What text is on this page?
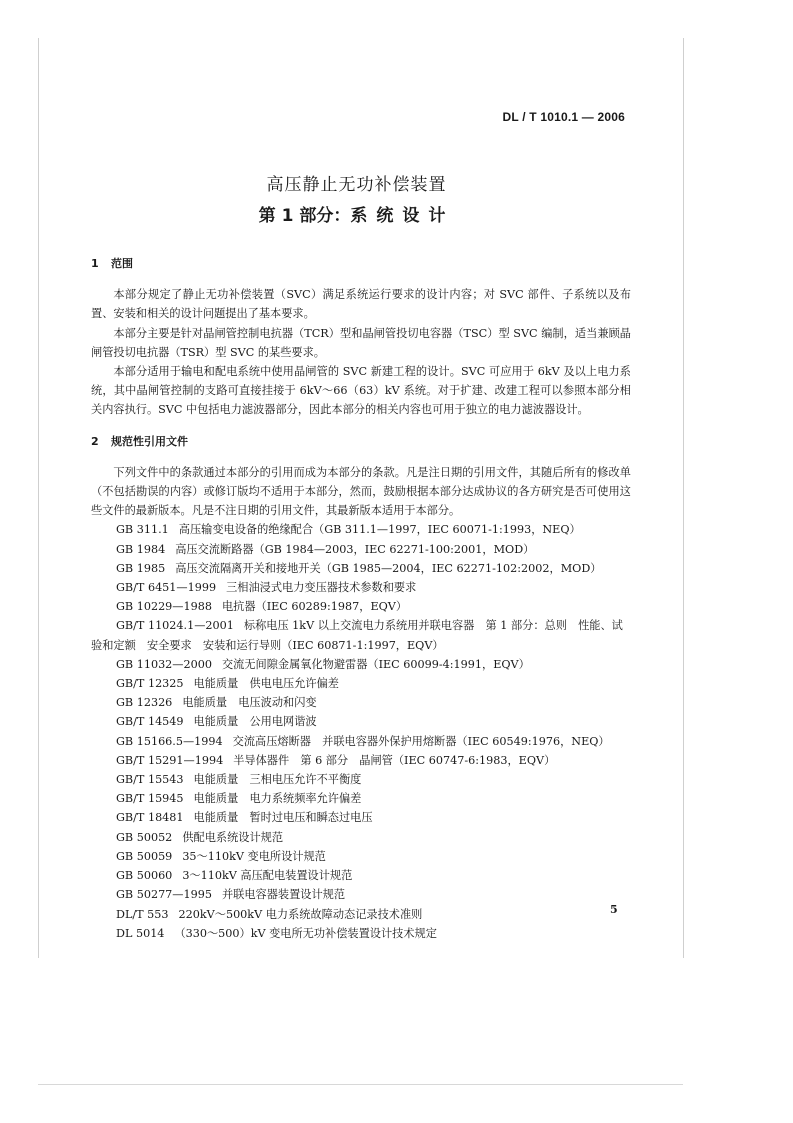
DL / T 1010.1 — 2006
高压静止无功补偿装置
第 1 部分：系统设计
1 范围

本部分规定了静止无功补偿装置（SVC）满足系统运行要求的设计内容；对 SVC 部件、子系统以及布置、安装和相关的设计问题提出了基本要求。

本部分主要是针对晶闸管控制电抗器（TCR）型和晶闸管投切电容器（TSC）型 SVC 编制，适当兼顾晶闸管投切电抗器（TSR）型 SVC 的某些要求。

本部分适用于输电和配电系统中使用晶闸管的 SVC 新建工程的设计。SVC 可应用于 6kV 及以上电力系统，其中晶闸管控制的支路可直接挂接于 6kV～66（63）kV 系统。对于扩建、改建工程可以参照本部分相关内容执行。SVC 中包括电力滤波器部分，因此本部分的相关内容也可用于独立的电力滤波器设计。

2 规范性引用文件

下列文件中的条款通过本部分的引用而成为本部分的条款。凡是注日期的引用文件，其随后所有的修改单（不包括勘误的内容）或修订版均不适用于本部分，然而，鼓励根据本部分达成协议的各方研究是否可使用这些文件的最新版本。凡是不注日期的引用文件，其最新版本适用于本部分。

GB 311.1 高压输变电设备的绝缘配合（GB 311.1—1997，IEC 60071-1:1993，NEQ）

GB 1984 高压交流断路器（GB 1984—2003，IEC 62271-100:2001，MOD）

GB 1985 高压交流隔离开关和接地开关（GB 1985—2004，IEC 62271-102:2002，MOD）

GB/T 6451—1999 三相油浸式电力变压器技术参数和要求

GB 10229—1988 电抗器（IEC 60289:1987，EQV）

GB/T 11024.1—2001 标称电压 1kV 以上交流电力系统用并联电容器　第 1 部分：总则　性能、试
验和定额　安全要求　安装和运行导则（IEC 60871-1:1997，EQV）

GB 11032—2000 交流无间隙金属氧化物避雷器（IEC 60099-4:1991，EQV）

GB/T 12325 电能质量　供电电压允许偏差

GB 12326 电能质量　电压波动和闪变

GB/T 14549 电能质量　公用电网谐波

GB 15166.5—1994 交流高压熔断器　并联电容器外保护用熔断器（IEC 60549:1976，NEQ）

GB/T 15291—1994 半导体器件　第 6 部分　晶闸管（IEC 60747-6:1983，EQV）

GB/T 15543 电能质量　三相电压允许不平衡度

GB/T 15945 电能质量　电力系统频率允许偏差

GB/T 18481 电能质量　暂时过电压和瞬态过电压

GB 50052 供配电系统设计规范

GB 50059 35～110kV 变电所设计规范

GB 50060 3～110kV 高压配电装置设计规范

GB 50277—1995 并联电容器装置设计规范

DL/T 553 220kV～500kV 电力系统故障动态记录技术准则

DL 5014 （330～500）kV 变电所无功补偿装置设计技术规定

5
